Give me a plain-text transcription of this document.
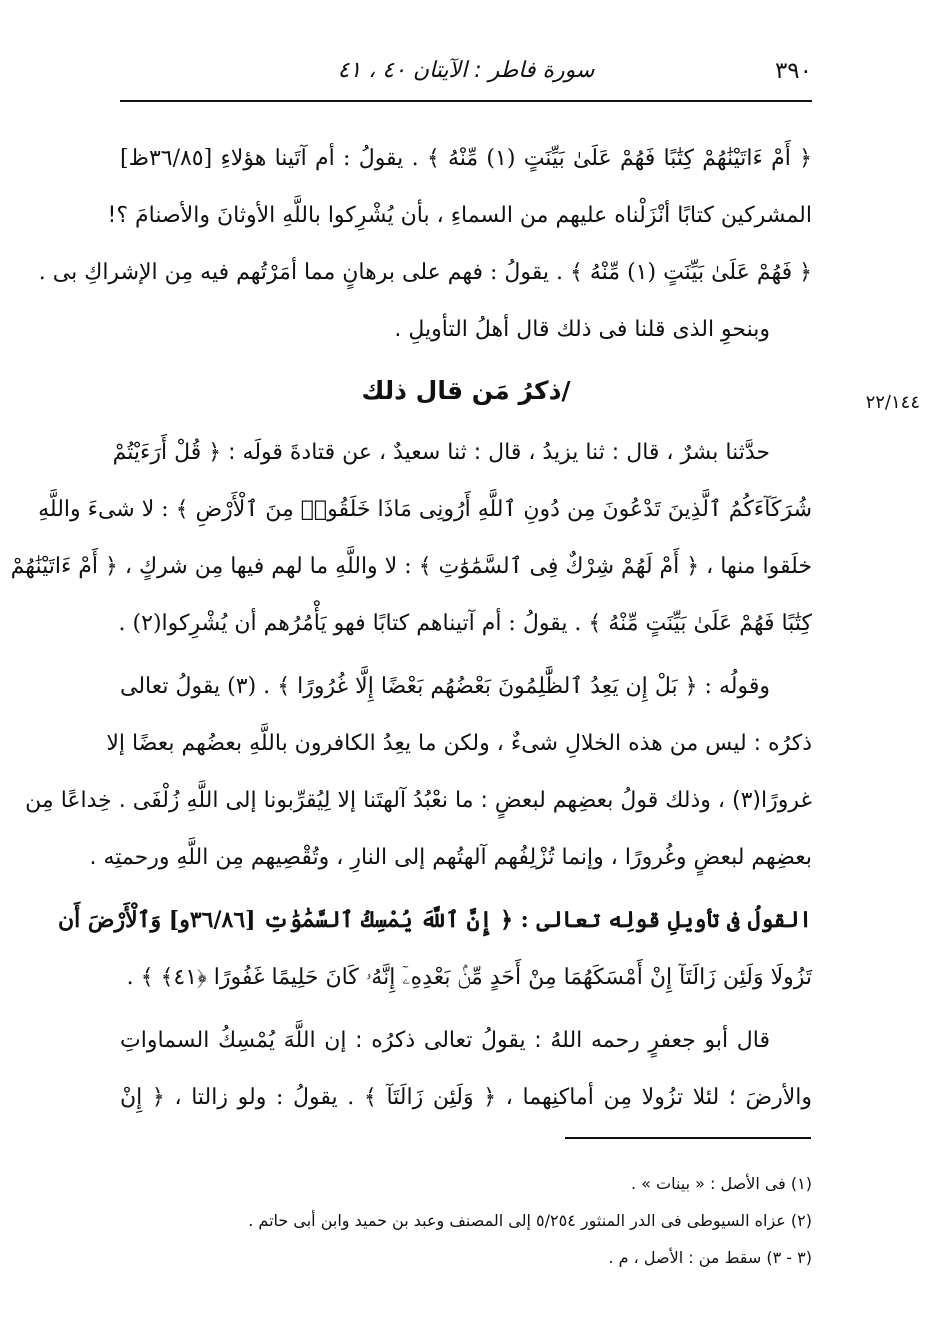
٣٩٠
سورة فاطر : الآيتان ٤٠ ، ٤١
٢٢/١٤٤
﴿ أَمْ ءَاتَيْنَٰهُمْ كِتَٰبًا فَهُمْ عَلَىٰ بَيِّنَتٍ (١) مِّنْهُ ﴾ . يقولُ : أم آتَينا هؤلاءِ [٣٦/٨٥ظ]
المشركين كتابًا أنْزَلْناه عليهم من السماءِ ، بأن يُشْرِكوا باللَّهِ الأوثانَ والأصنامَ ؟!
﴿ فَهُمْ عَلَىٰ بَيِّنَتٍ (١) مِّنْهُ ﴾ . يقولُ : فهم على برهانٍ مما أمَرْتُهم فيه مِن الإشراكِ بى .
وبنحوِ الذى قلنا فى ذلك قال أهلُ التأويلِ .
/ذكرُ مَن قال ذلك
حدَّثنا بشرٌ ، قال : ثنا يزيدُ ، قال : ثنا سعيدٌ ، عن قتادةَ قولَه : ﴿ قُلْ أَرَءَيْتُمْ
شُرَكَآءَكُمُ ٱلَّذِينَ تَدْعُونَ مِن دُونِ ٱللَّهِ أَرُونِى مَاذَا خَلَقُوا۟ مِنَ ٱلْأَرْضِ ﴾ : لا شىءَ واللَّهِ
خلَقوا منها ، ﴿ أَمْ لَهُمْ شِرْكٌ فِى ٱلسَّمَٰوَٰتِ ﴾ : لا واللَّهِ ما لهم فيها مِن شركٍ ، ﴿ أَمْ ءَاتَيْنَٰهُمْ
كِتَٰبًا فَهُمْ عَلَىٰ بَيِّنَتٍ مِّنْهُ ﴾ . يقولُ : أم آتيناهم كتابًا فهو يَأْمُرُهم أن يُشْرِكوا(٢) .
وقولُه : ﴿ بَلْ إِن يَعِدُ ٱلظَّٰلِمُونَ بَعْضُهُم بَعْضًا إِلَّا غُرُورًا ﴾ . (٣) يقولُ تعالى
ذكرُه : ليس من هذه الخلالِ شىءٌ ، ولكن ما يعِدُ الكافرون باللَّهِ بعضُهم بعضًا إلا
غرورًا(٣) ، وذلك قولُ بعضِهم لبعضٍ : ما نعْبُدُ آلهتَنا إلا لِيُقرِّبونا إلى اللَّهِ زُلْفَى . خِداعًا مِن
بعضِهم لبعضٍ وغُرورًا ، وإنما تُزْلِفُهم آلهتُهم إلى النارِ ، وتُقْصِيهم مِن اللَّهِ ورحمتِه .
القولُ فى تأويلِ قولِه تعالى : ﴿ إِنَّ ٱللَّهَ يُمْسِكُ ٱلسَّمَٰوَٰتِ [٣٦/٨٦و] وَٱلْأَرْضَ أَن
تَزُولَا وَلَئِن زَالَتَآ إِنْ أَمْسَكَهُمَا مِنْ أَحَدٍ مِّنۢ بَعْدِهِۦٓ إِنَّهُۥ كَانَ حَلِيمًا غَفُورًا ﴿٤١﴾ ﴾ .
قال أبو جعفرٍ رحمه اللهُ : يقولُ تعالى ذكرُه : إن اللَّهَ يُمْسِكُ السماواتِ
والأرضَ ؛ لئلا تزُولا مِن أماكنِهما ، ﴿ وَلَئِن زَالَتَآ ﴾ . يقولُ : ولو زالتا ، ﴿ إِنْ
(١) فى الأصل : « بينات » .
(٢) عزاه السيوطى فى الدر المنثور ٥/٢٥٤ إلى المصنف وعبد بن حميد وابن أبى حاتم .
(٣ - ٣) سقط من : الأصل ، م .
